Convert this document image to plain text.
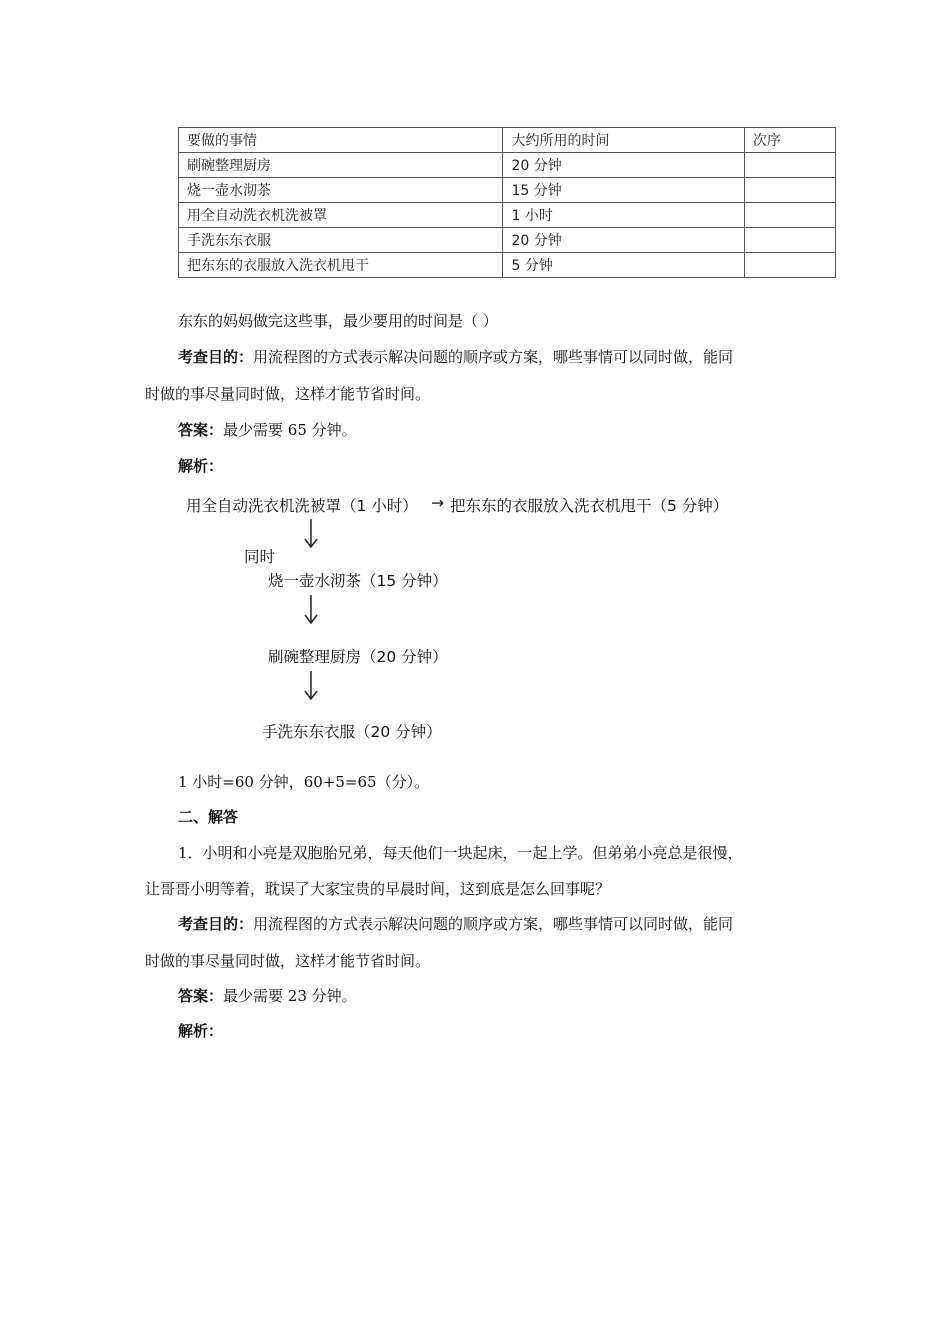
要做的事情	大约所用的时间	次序
刷碗整理厨房	20 分钟	
烧一壶水沏茶	15 分钟	
用全自动洗衣机洗被罩	1 小时	
手洗东东衣服	20 分钟	
把东东的衣服放入洗衣机甩干	5 分钟	
东东的妈妈做完这些事，最少要用的时间是（ ）
考查目的：用流程图的方式表示解决问题的顺序或方案，哪些事情可以同时做，能同
时做的事尽量同时做，这样才能节省时间。
答案：最少需要 65 分钟。
解析：
用全自动洗衣机洗被罩（1 小时） → 把东东的衣服放入洗衣机甩干（5 分钟）
同时
烧一壶水沏茶（15 分钟）
刷碗整理厨房（20 分钟）
手洗东东衣服（20 分钟）
1 小时=60 分钟，60+5=65（分）。
二、解答
1．小明和小亮是双胞胎兄弟，每天他们一块起床，一起上学。但弟弟小亮总是很慢，
让哥哥小明等着，耽误了大家宝贵的早晨时间，这到底是怎么回事呢？
考查目的：用流程图的方式表示解决问题的顺序或方案，哪些事情可以同时做，能同
时做的事尽量同时做，这样才能节省时间。
答案：最少需要 23 分钟。
解析：
